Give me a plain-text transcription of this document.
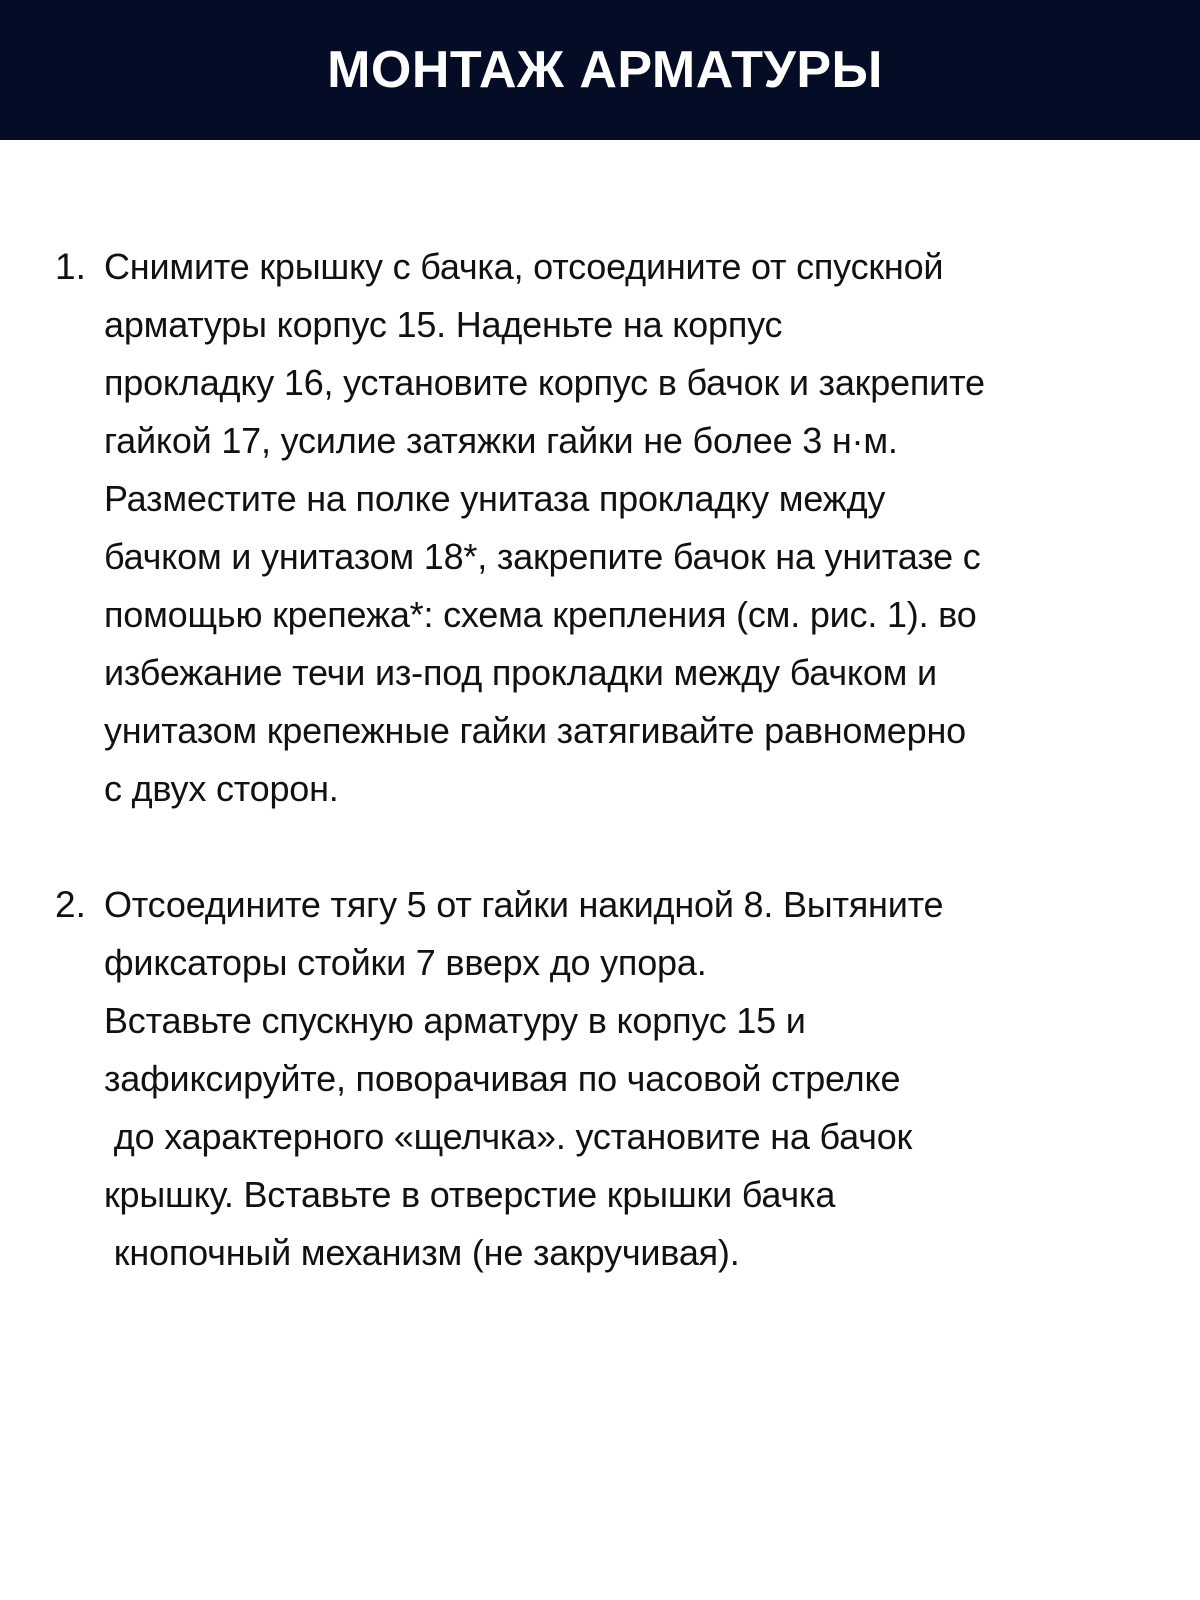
МОНТАЖ АРМАТУРЫ
1. Снимите крышку с бачка, отсоедините от спускной
арматуры корпус 15. Наденьте на корпус
прокладку 16, установите корпус в бачок и закрепите
гайкой 17, усилие затяжки гайки не более 3 н·м.
Разместите на полке унитаза прокладку между
бачком и унитазом 18*, закрепите бачок на унитазе с
помощью крепежа*: схема крепления (см. рис. 1). во
избежание течи из-под прокладки между бачком и
унитазом крепежные гайки затягивайте равномерно
с двух сторон.
2. Отсоедините тягу 5 от гайки накидной 8. Вытяните
фиксаторы стойки 7 вверх до упора.
Вставьте спускную арматуру в корпус 15 и
зафиксируйте, поворачивая по часовой стрелке
до характерного «щелчка». установите на бачок
крышку. Вставьте в отверстие крышки бачка
кнопочный механизм (не закручивая).
